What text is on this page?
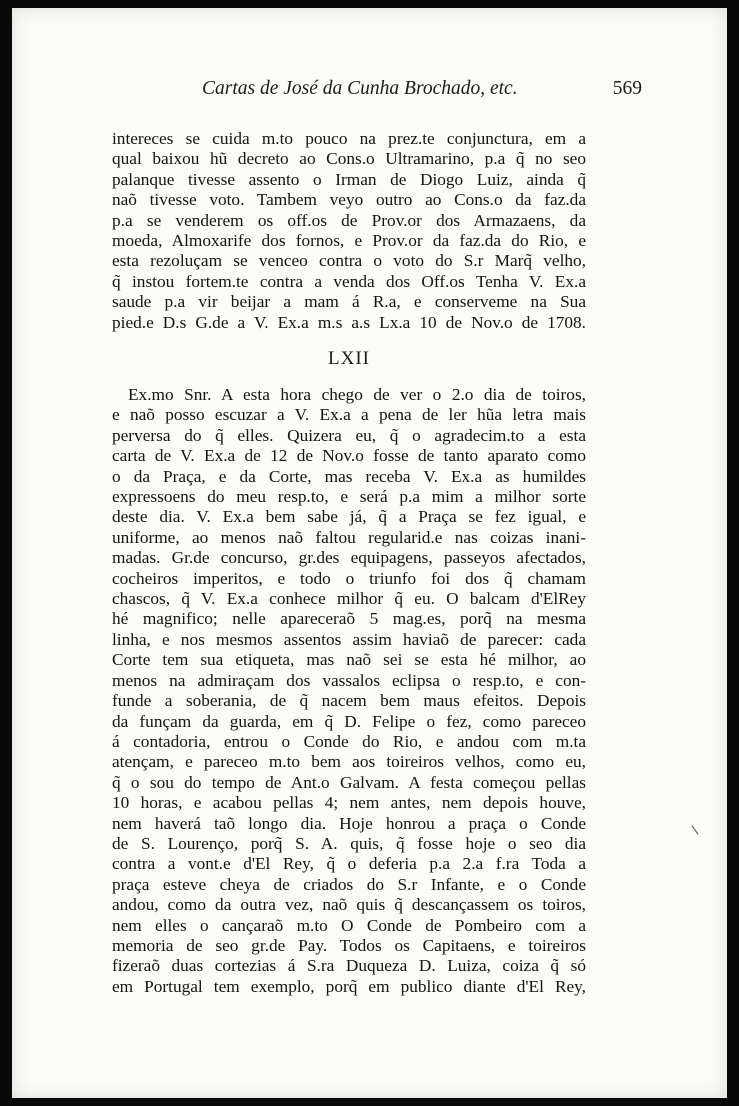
Cartas de José da Cunha Brochado, etc.	569
intereces se cuida m.to pouco na prez.te conjunctura, em a
qual baixou hũ decreto ao Cons.o Ultramarino, p.a q̃ no seo
palanque tivesse assento o Irman de Diogo Luiz, ainda q̃
naõ tivesse voto. Tambem veyo outro ao Cons.o da faz.da
p.a se venderem os off.os de Prov.or dos Armazaens, da
moeda, Almoxarife dos fornos, e Prov.or da faz.da do Rio, e
esta rezoluçam se venceo contra o voto do S.r Marq̃ velho,
q̃ instou fortem.te contra a venda dos Off.os Tenha V. Ex.a
saude p.a vir beijar a mam á R.a, e conserveme na Sua
pied.e D.s G.de a V. Ex.a m.s a.s Lx.a 10 de Nov.o de 1708.
LXII
Ex.mo Snr. A esta hora chego de ver o 2.o dia de toiros,
e naõ posso escuzar a V. Ex.a a pena de ler hũa letra mais
perversa do q̃ elles. Quizera eu, q̃ o agradecim.to a esta
carta de V. Ex.a de 12 de Nov.o fosse de tanto aparato como
o da Praça, e da Corte, mas receba V. Ex.a as humildes
expressoens do meu resp.to, e será p.a mim a milhor sorte
deste dia. V. Ex.a bem sabe já, q̃ a Praça se fez igual, e
uniforme, ao menos naõ faltou regularid.e nas coizas inani-
madas. Gr.de concurso, gr.des equipagens, passeyos afectados,
cocheiros imperitos, e todo o triunfo foi dos q̃ chamam
chascos, q̃ V. Ex.a conhece milhor q̃ eu. O balcam d'ElRey
hé magnifico; nelle apareceraõ 5 mag.es, porq̃ na mesma
linha, e nos mesmos assentos assim haviaõ de parecer: cada
Corte tem sua etiqueta, mas naõ sei se esta hé milhor, ao
menos na admiraçam dos vassalos eclipsa o resp.to, e con-
funde a soberania, de q̃ nacem bem maus efeitos. Depois
da funçam da guarda, em q̃ D. Felipe o fez, como pareceo
á contadoria, entrou o Conde do Rio, e andou com m.ta
atençam, e pareceo m.to bem aos toireiros velhos, como eu,
q̃ o sou do tempo de Ant.o Galvam. A festa começou pellas
10 horas, e acabou pellas 4; nem antes, nem depois houve,
nem haverá taõ longo dia. Hoje honrou a praça o Conde
de S. Lourenço, porq̃ S. A. quis, q̃ fosse hoje o seo dia
contra a vont.e d'El Rey, q̃ o deferia p.a 2.a f.ra Toda a
praça esteve cheya de criados do S.r Infante, e o Conde
andou, como da outra vez, naõ quis q̃ descançassem os toiros,
nem elles o cançaraõ m.to O Conde de Pombeiro com a
memoria de seo gr.de Pay. Todos os Capitaens, e toireiros
fizeraõ duas cortezias á S.ra Duqueza D. Luiza, coiza q̃ só
em Portugal tem exemplo, porq̃ em publico diante d'El Rey,
\
